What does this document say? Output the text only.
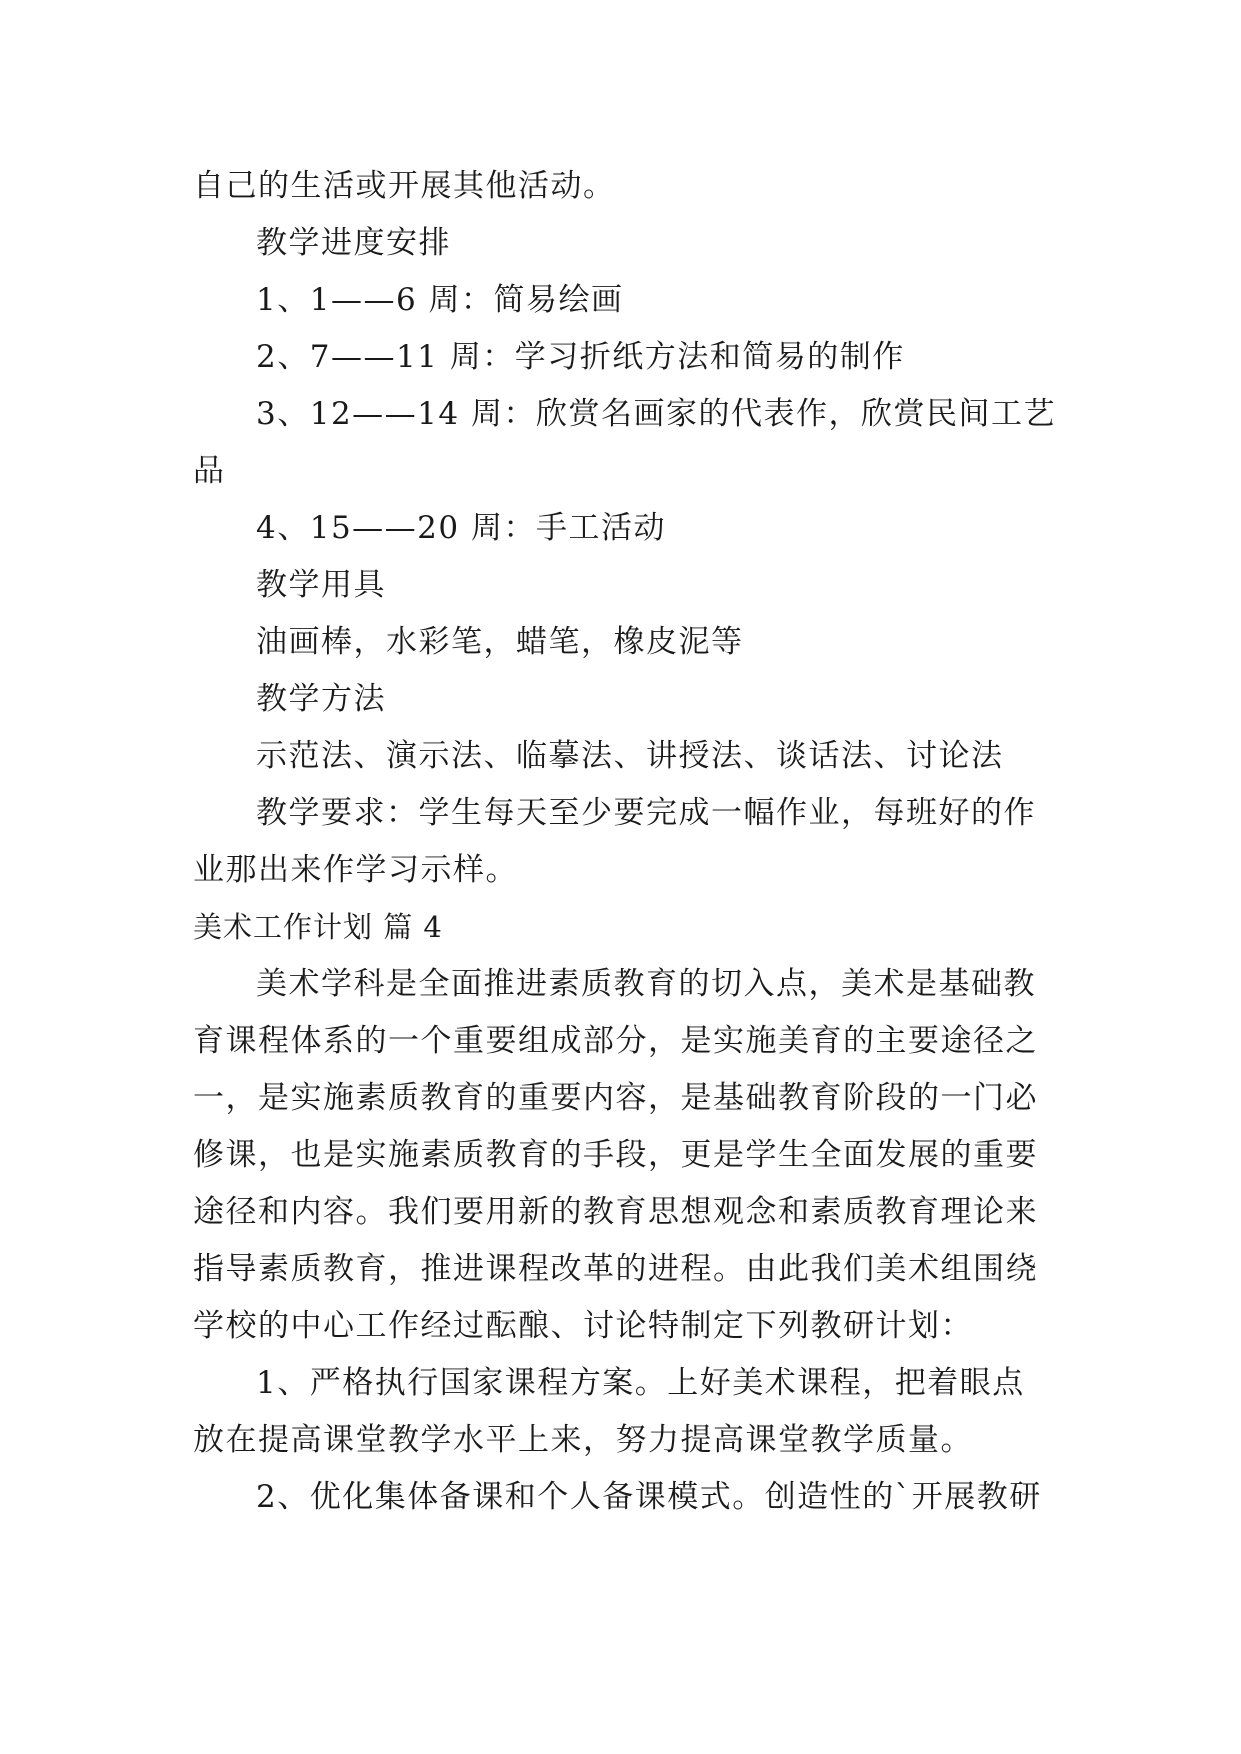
自己的生活或开展其他活动。
教学进度安排
1、1——6 周：简易绘画
2、7——11 周：学习折纸方法和简易的制作
3、12——14 周：欣赏名画家的代表作，欣赏民间工艺
品
4、15——20 周：手工活动
教学用具
油画棒，水彩笔，蜡笔，橡皮泥等
教学方法
示范法、演示法、临摹法、讲授法、谈话法、讨论法
教学要求：学生每天至少要完成一幅作业，每班好的作
业那出来作学习示样。
美术工作计划 篇 4
美术学科是全面推进素质教育的切入点，美术是基础教
育课程体系的一个重要组成部分，是实施美育的主要途径之
一，是实施素质教育的重要内容，是基础教育阶段的一门必
修课，也是实施素质教育的手段，更是学生全面发展的重要
途径和内容。我们要用新的教育思想观念和素质教育理论来
指导素质教育，推进课程改革的进程。由此我们美术组围绕
学校的中心工作经过酝酿、讨论特制定下列教研计划：
1、严格执行国家课程方案。上好美术课程，把着眼点
放在提高课堂教学水平上来，努力提高课堂教学质量。
2、优化集体备课和个人备课模式。创造性的`开展教研
